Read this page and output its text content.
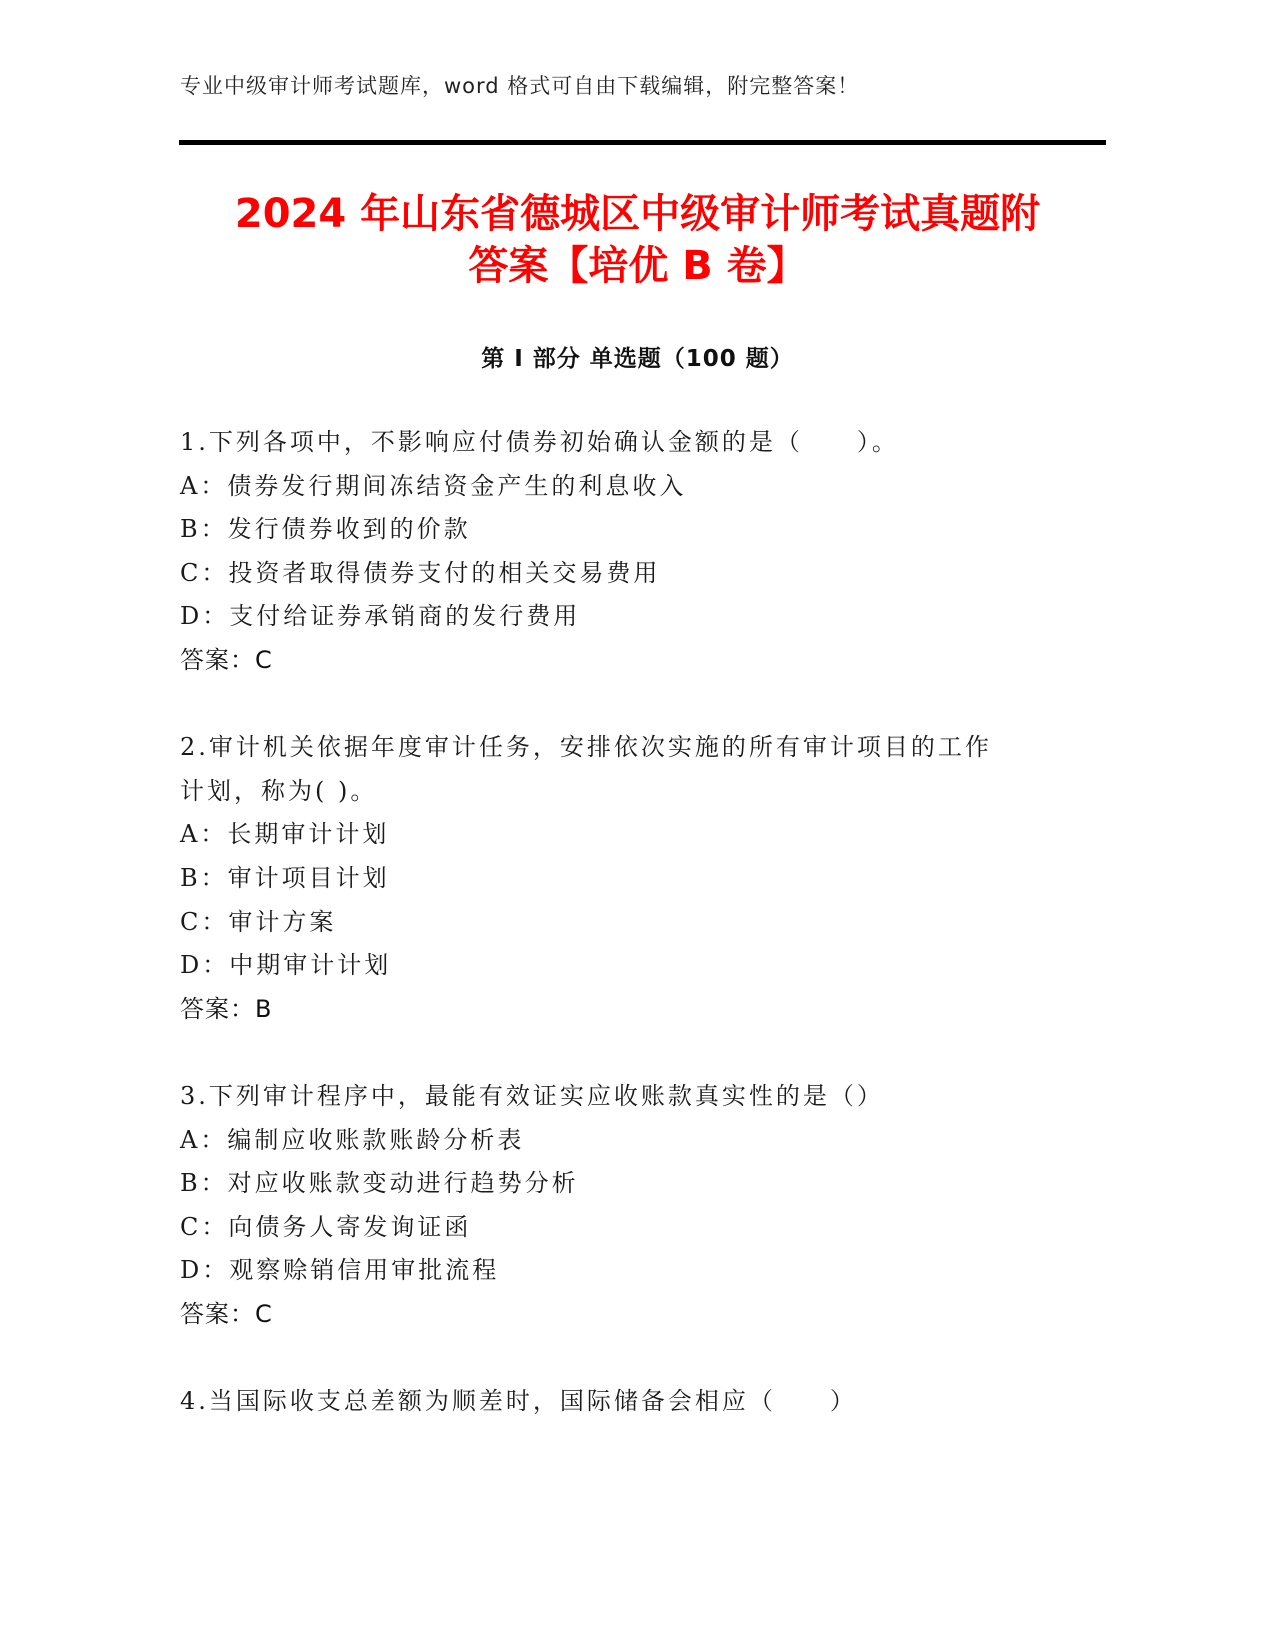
专业中级审计师考试题库，word 格式可自由下载编辑，附完整答案！
2024 年山东省德城区中级审计师考试真题附
答案【培优 B 卷】
第 I 部分 单选题（100 题）
1.下列各项中，不影响应付债券初始确认金额的是（　　）。
A：债券发行期间冻结资金产生的利息收入
B：发行债券收到的价款
C：投资者取得债券支付的相关交易费用
D：支付给证券承销商的发行费用
答案：C
2.审计机关依据年度审计任务，安排依次实施的所有审计项目的工作
计划，称为( )。
A：长期审计计划
B：审计项目计划
C：审计方案
D：中期审计计划
答案：B
3.下列审计程序中，最能有效证实应收账款真实性的是（）
A：编制应收账款账龄分析表
B：对应收账款变动进行趋势分析
C：向债务人寄发询证函
D：观察赊销信用审批流程
答案：C
4.当国际收支总差额为顺差时，国际储备会相应（　　）
